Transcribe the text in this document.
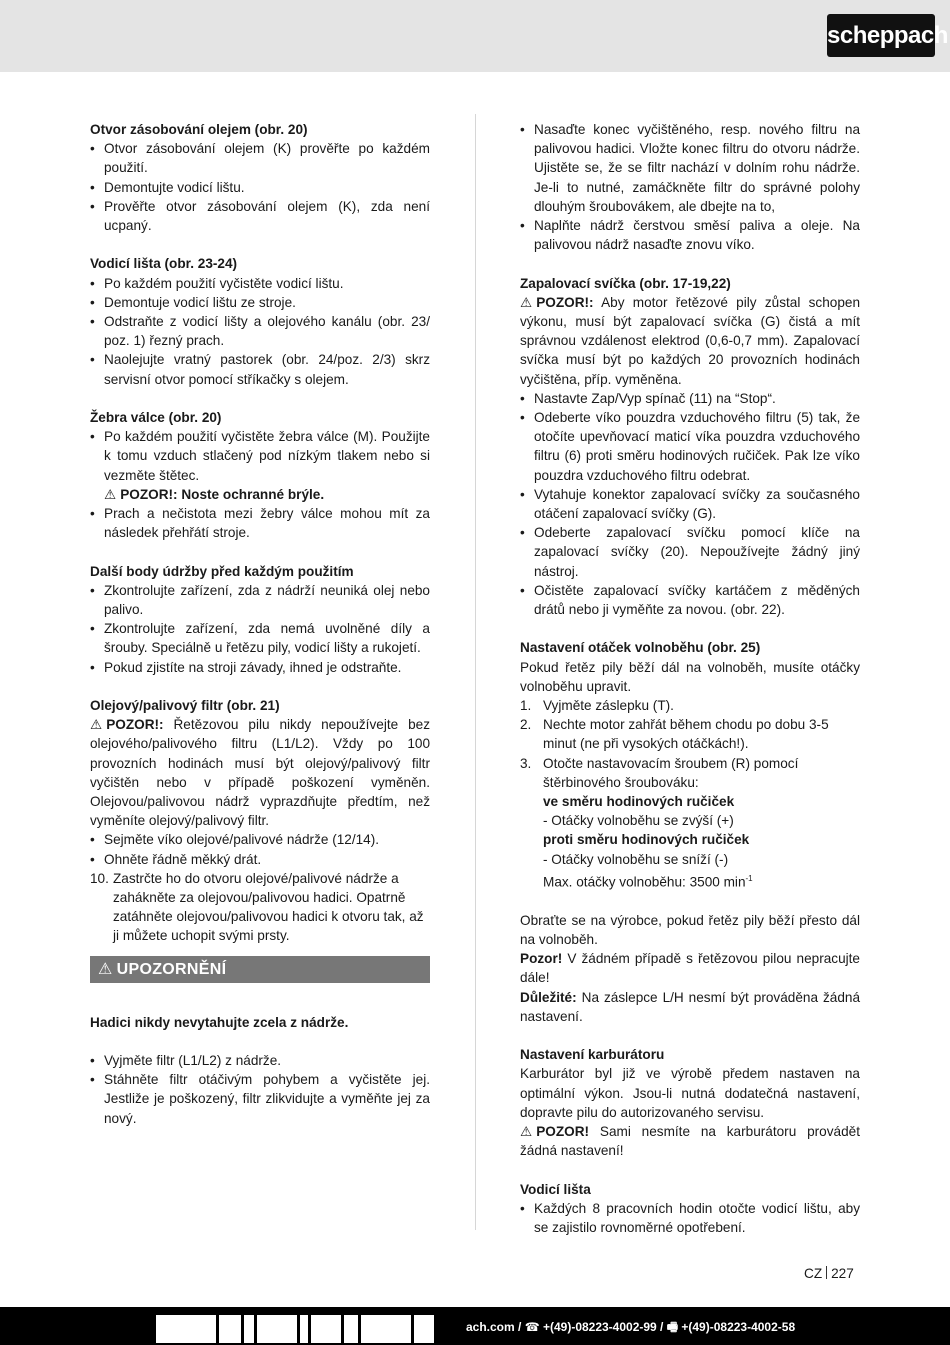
scheppach
Otvor zásobování olejem (obr. 20)
• Otvor zásobování olejem (K) prověřte po každém použití.
• Demontujte vodicí lištu.
• Prověřte otvor zásobování olejem (K), zda není ucpaný.
Vodicí lišta (obr. 23-24)
• Po každém použití vyčistěte vodicí lištu.
• Demontuje vodicí lištu ze stroje.
• Odstraňte z vodicí lišty a olejového kanálu (obr. 23/ poz. 1) řezný prach.
• Naolejujte vratný pastorek (obr. 24/poz. 2/3) skrz servisní otvor pomocí stříkačky s olejem.
Žebra válce (obr. 20)
• Po každém použití vyčistěte žebra válce (M). Použijte k tomu vzduch stlačený pod nízkým tlakem nebo si vezměte štětec.
⚠ POZOR!: Noste ochranné brýle.
• Prach a nečistota mezi žebry válce mohou mít za následek přehřátí stroje.
Další body údržby před každým použitím
• Zkontrolujte zařízení, zda z nádrží neuniká olej nebo palivo.
• Zkontrolujte zařízení, zda nemá uvolněné díly a šrouby. Speciálně u řetězu pily, vodicí lišty a rukojetí.
• Pokud zjistíte na stroji závady, ihned je odstraňte.
Olejový/palivový filtr (obr. 21)

⚠ POZOR!: Řetězovou pilu nikdy nepoužívejte bez olejového/palivového filtru (L1/L2). Vždy po 100 provozních hodinách musí být olejový/palivový filtr vyčištěn nebo v případě poškození vyměněn. Olejovou/palivovou nádrž vyprazdňujte předtím, než vyměníte olejový/palivový filtr.

• Sejměte víko olejové/palivové nádrže (12/14).
• Ohněte řádně měkký drát.
10. Zastrčte ho do otvoru olejové/palivové nádrže a zahákněte za olejovou/palivovou hadici. Opatrně zatáhněte olejovou/palivovou hadici k otvoru tak, až ji můžete uchopit svými prsty.
⚠ UPOZORNĚNÍ
Hadici nikdy nevytahujte zcela z nádrže.
• Vyjměte filtr (L1/L2) z nádrže.
• Stáhněte filtr otáčivým pohybem a vyčistěte jej. Jestliže je poškozený, filtr zlikvidujte a vyměňte jej za nový.
• Nasaďte konec vyčištěného, resp. nového filtru na palivovou hadici. Vložte konec filtru do otvoru nádrže. Ujistěte se, že se filtr nachází v dolním rohu nádrže. Je-li to nutné, zamáčkněte filtr do správné polohy dlouhým šroubovákem, ale dbejte na to,
• Naplňte nádrž čerstvou směsí paliva a oleje. Na palivovou nádrž nasaďte znovu víko.
Zapalovací svíčka (obr. 17-19,22)

⚠ POZOR!: Aby motor řetězové pily zůstal schopen výkonu, musí být zapalovací svíčka (G) čistá a mít správnou vzdálenost elektrod (0,6-0,7 mm). Zapalovací svíčka musí být po každých 20 provozních hodinách vyčištěna, příp. vyměněna.

• Nastavte Zap/Vyp spínač (11) na “Stop“.
• Odeberte víko pouzdra vzduchového filtru (5) tak, že otočíte upevňovací maticí víka pouzdra vzduchového filtru (6) proti směru hodinových ručiček. Pak lze víko pouzdra vzduchového filtru odebrat.
• Vytahuje konektor zapalovací svíčky za současného otáčení zapalovací svíčky (G).
• Odeberte zapalovací svíčku pomocí klíče na zapalovací svíčky (20). Nepoužívejte žádný jiný nástroj.
• Očistěte zapalovací svíčky kartáčem z měděných drátů nebo ji vyměňte za novou. (obr. 22).
Nastavení otáček volnoběhu (obr. 25)

Pokud řetěz pily běží dál na volnoběh, musíte otáčky volnoběhu upravit.

1. Vyjměte záslepku (T).
2. Nechte motor zahřát během chodu po dobu 3-5 minut (ne při vysokých otáčkách!).
3. Otočte nastavovacím šroubem (R) pomocí štěrbinového šroubováku:
ve směru hodinových ručiček
- Otáčky volnoběhu se zvýší (+)
proti směru hodinových ručiček
- Otáčky volnoběhu se sníží (-)
Max. otáčky volnoběhu: 3500 $\min^{-1}$

Obraťte se na výrobce, pokud řetěz pily běží přesto dál na volnoběh.

Pozor! V žádném případě s řetězovou pilou nepracujte dále!

Důležité: Na záslepce L/H nesmí být prováděna žádná nastavení.

Nastavení karburátoru

Karburátor byl již ve výrobě předem nastaven na optimální výkon. Jsou-li nutná dodatečná nastavení, dopravte pilu do autorizovaného servisu.

⚠ POZOR! Sami nesmíte na karburátoru provádět žádná nastavení!

Vodicí lišta
• Každých 8 pracovních hodin otočte vodicí lištu, aby se zajistilo rovnoměrné opotřebení.
CZ 227
ach.com / ☎ +(49)-08223-4002-99 / 🖷 +(49)-08223-4002-58
